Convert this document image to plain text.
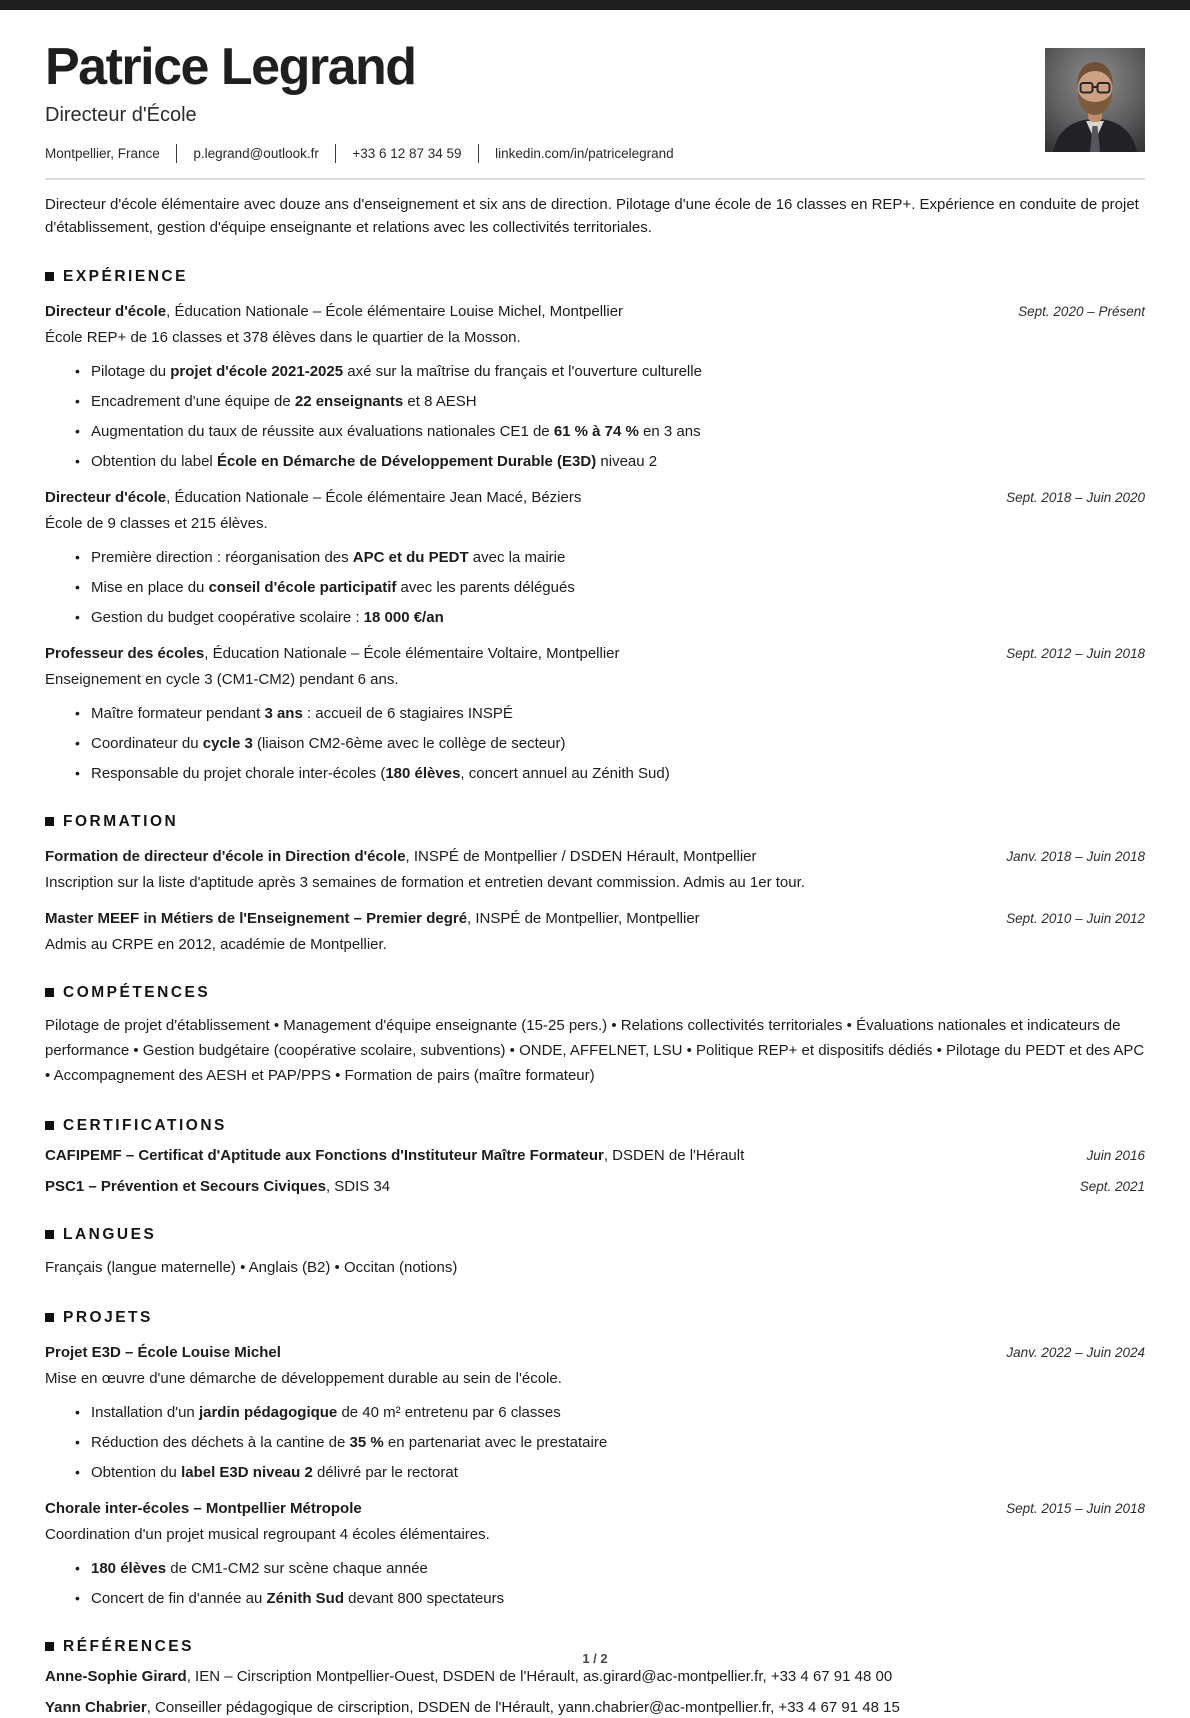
Patrice Legrand
Directeur d'École
Montpellier, France p.legrand@outlook.fr +33 6 12 87 34 59 linkedin.com/in/patricelegrand

Directeur d'école élémentaire avec douze ans d'enseignement et six ans de direction. Pilotage d'une école de 16 classes en REP+. Expérience en conduite de projet d'établissement, gestion d'équipe enseignante et relations avec les collectivités territoriales.

EXPÉRIENCE
Directeur d'école, Éducation Nationale – École élémentaire Louise Michel, Montpellier	Sept. 2020 – Présent
École REP+ de 16 classes et 378 élèves dans le quartier de la Mosson.
• Pilotage du projet d'école 2021-2025 axé sur la maîtrise du français et l'ouverture culturelle
• Encadrement d'une équipe de 22 enseignants et 8 AESH
• Augmentation du taux de réussite aux évaluations nationales CE1 de 61 % à 74 % en 3 ans
• Obtention du label École en Démarche de Développement Durable (E3D) niveau 2
Directeur d'école, Éducation Nationale – École élémentaire Jean Macé, Béziers	Sept. 2018 – Juin 2020
École de 9 classes et 215 élèves.
• Première direction : réorganisation des APC et du PEDT avec la mairie
• Mise en place du conseil d'école participatif avec les parents délégués
• Gestion du budget coopérative scolaire : 18 000 €/an
Professeur des écoles, Éducation Nationale – École élémentaire Voltaire, Montpellier	Sept. 2012 – Juin 2018
Enseignement en cycle 3 (CM1-CM2) pendant 6 ans.
• Maître formateur pendant 3 ans : accueil de 6 stagiaires INSPÉ
• Coordinateur du cycle 3 (liaison CM2-6ème avec le collège de secteur)
• Responsable du projet chorale inter-écoles (180 élèves, concert annuel au Zénith Sud)
FORMATION
Formation de directeur d'école in Direction d'école, INSPÉ de Montpellier / DSDEN Hérault, Montpellier	Janv. 2018 – Juin 2018
Inscription sur la liste d'aptitude après 3 semaines de formation et entretien devant commission. Admis au 1er tour.
Master MEEF in Métiers de l'Enseignement – Premier degré, INSPÉ de Montpellier, Montpellier	Sept. 2010 – Juin 2012
Admis au CRPE en 2012, académie de Montpellier.
COMPÉTENCES

Pilotage de projet d'établissement • Management d'équipe enseignante (15-25 pers.) • Relations collectivités territoriales • Évaluations nationales et indicateurs de performance • Gestion budgétaire (coopérative scolaire, subventions) • ONDE, AFFELNET, LSU • Politique REP+ et dispositifs dédiés • Pilotage du PEDT et des APC • Accompagnement des AESH et PAP/PPS • Formation de pairs (maître formateur)

CERTIFICATIONS
CAFIPEMF – Certificat d'Aptitude aux Fonctions d'Instituteur Maître Formateur, DSDEN de l'Hérault	Juin 2016
PSC1 – Prévention et Secours Civiques, SDIS 34	Sept. 2021
LANGUES

Français (langue maternelle) • Anglais (B2) • Occitan (notions)

PROJETS
Projet E3D – École Louise Michel	Janv. 2022 – Juin 2024
Mise en œuvre d'une démarche de développement durable au sein de l'école.
• Installation d'un jardin pédagogique de 40 m² entretenu par 6 classes
• Réduction des déchets à la cantine de 35 % en partenariat avec le prestataire
• Obtention du label E3D niveau 2 délivré par le rectorat
Chorale inter-écoles – Montpellier Métropole	Sept. 2015 – Juin 2018
Coordination d'un projet musical regroupant 4 écoles élémentaires.
• 180 élèves de CM1-CM2 sur scène chaque année
• Concert de fin d'année au Zénith Sud devant 800 spectateurs
RÉFÉRENCES

Anne-Sophie Girard, IEN – Cirscription Montpellier-Ouest, DSDEN de l'Hérault, as.girard@ac-montpellier.fr, +33 4 67 91 48 00

Yann Chabrier, Conseiller pédagogique de cirscription, DSDEN de l'Hérault, yann.chabrier@ac-montpellier.fr, +33 4 67 91 48 15

1 / 2
